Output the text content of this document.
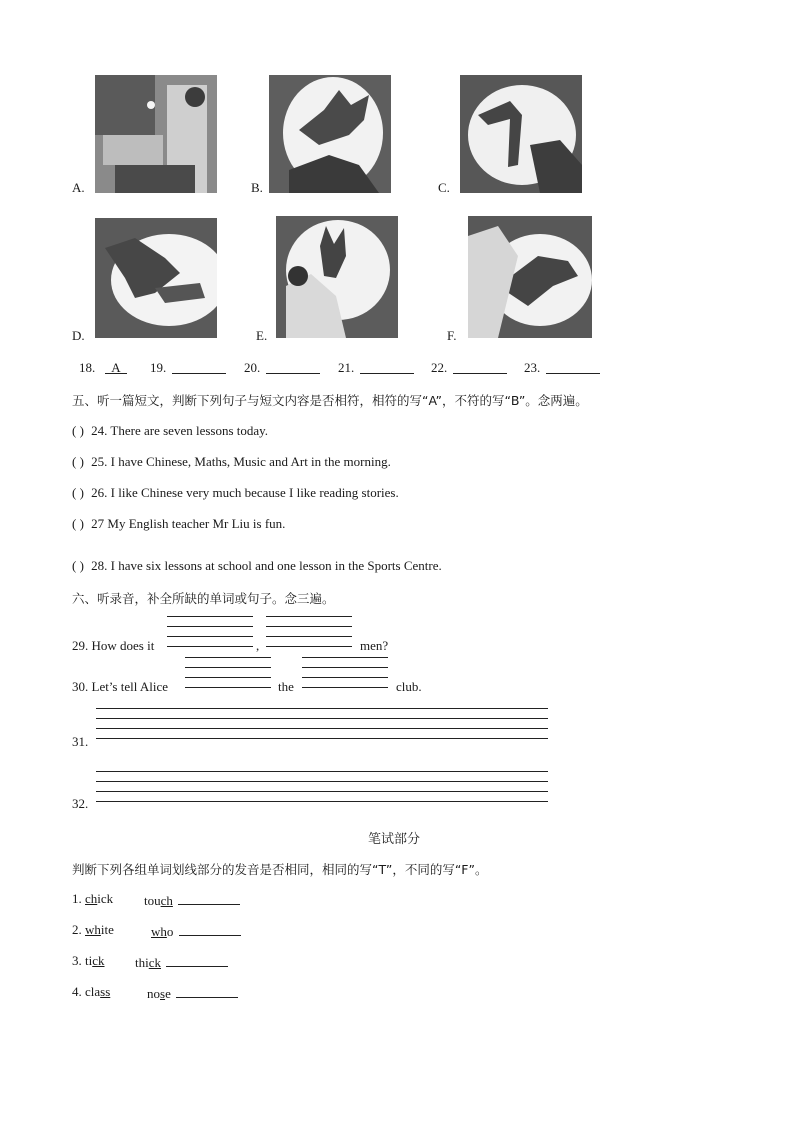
A.	B.	C.
D.	E.	F.
18.	A	19.	20.	21.	22.	23.
五、听一篇短文，判断下列句子与短文内容是否相符，相符的写“A”，不符的写“B”。念两遍。
( ) 24. There are seven lessons today.
( ) 25. I have Chinese, Maths, Music and Art in the morning.
( ) 26. I like Chinese very much because I like reading stories.
( ) 27 My English teacher Mr Liu is fun.
( ) 28. I have six lessons at school and one lesson in the Sports Centre.
六、听录音，补全所缺的单词或句子。念三遍。
29. How does it	,	men?
30. Let’s tell Alice	the	club.
31.
32.
笔试部分
判断下列各组单词划线部分的发音是否相同，相同的写“T”，不同的写“F”。
1. chick touch
2. white	who
3. tick thick
4. class	nose
